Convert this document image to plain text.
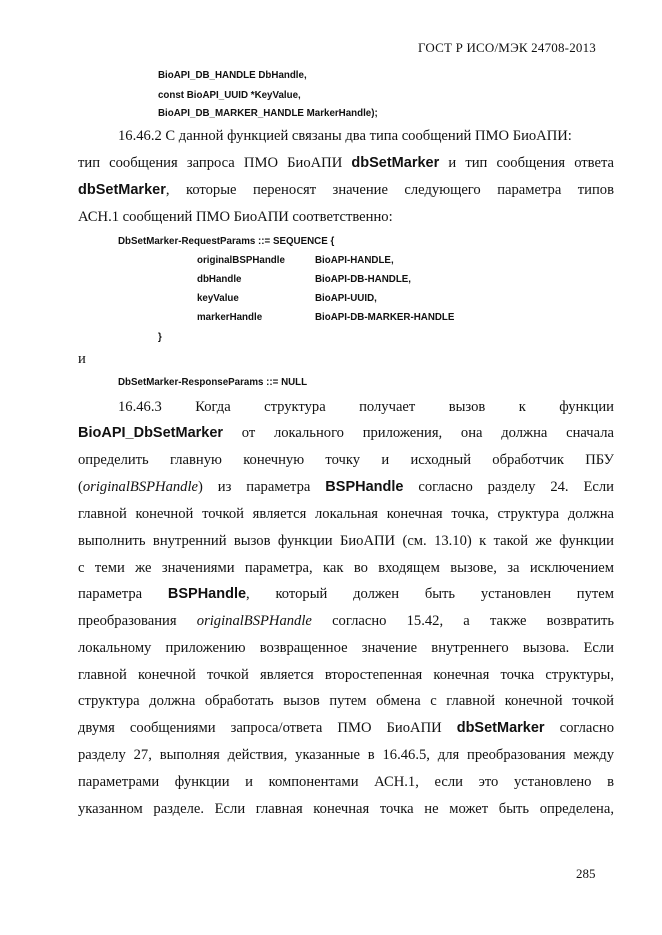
ГОСТ Р ИСО/МЭК 24708-2013
BioAPI_DB_HANDLE DbHandle,
const BioAPI_UUID *KeyValue,
BioAPI_DB_MARKER_HANDLE MarkerHandle);
16.46.2 С данной функцией связаны два типа сообщений ПМО БиоАПИ:
тип сообщения запроса ПМО БиоАПИ dbSetMarker и тип сообщения ответа
dbSetMarker, которые переносят значение следующего параметра типов
АСН.1 сообщений ПМО БиоАПИ соответственно:
DbSetMarker-RequestParams ::= SEQUENCE {
originalBSPHandle	BioAPI-HANDLE,
dbHandle	BioAPI-DB-HANDLE,
keyValue	BioAPI-UUID,
markerHandle	BioAPI-DB-MARKER-HANDLE
}
и
DbSetMarker-ResponseParams ::= NULL
16.46.3 Когда структура получает вызов к функции
BioAPI_DbSetMarker от локального приложения, она должна сначала
определить главную конечную точку и исходный обработчик ПБУ
(originalBSPHandle) из параметра BSPHandle согласно разделу 24. Если
главной конечной точкой является локальная конечная точка, структура должна
выполнить внутренний вызов функции БиоАПИ (см. 13.10) к такой же функции
с теми же значениями параметра, как во входящем вызове, за исключением
параметра BSPHandle, который должен быть установлен путем
преобразования originalBSPHandle согласно 15.42, а также возвратить
локальному приложению возвращенное значение внутреннего вызова. Если
главной конечной точкой является второстепенная конечная точка структуры,
структура должна обработать вызов путем обмена с главной конечной точкой
двумя сообщениями запроса/ответа ПМО БиоАПИ dbSetMarker согласно
разделу 27, выполняя действия, указанные в 16.46.5, для преобразования между
параметрами функции и компонентами АСН.1, если это установлено в
указанном разделе. Если главная конечная точка не может быть определена,
285
